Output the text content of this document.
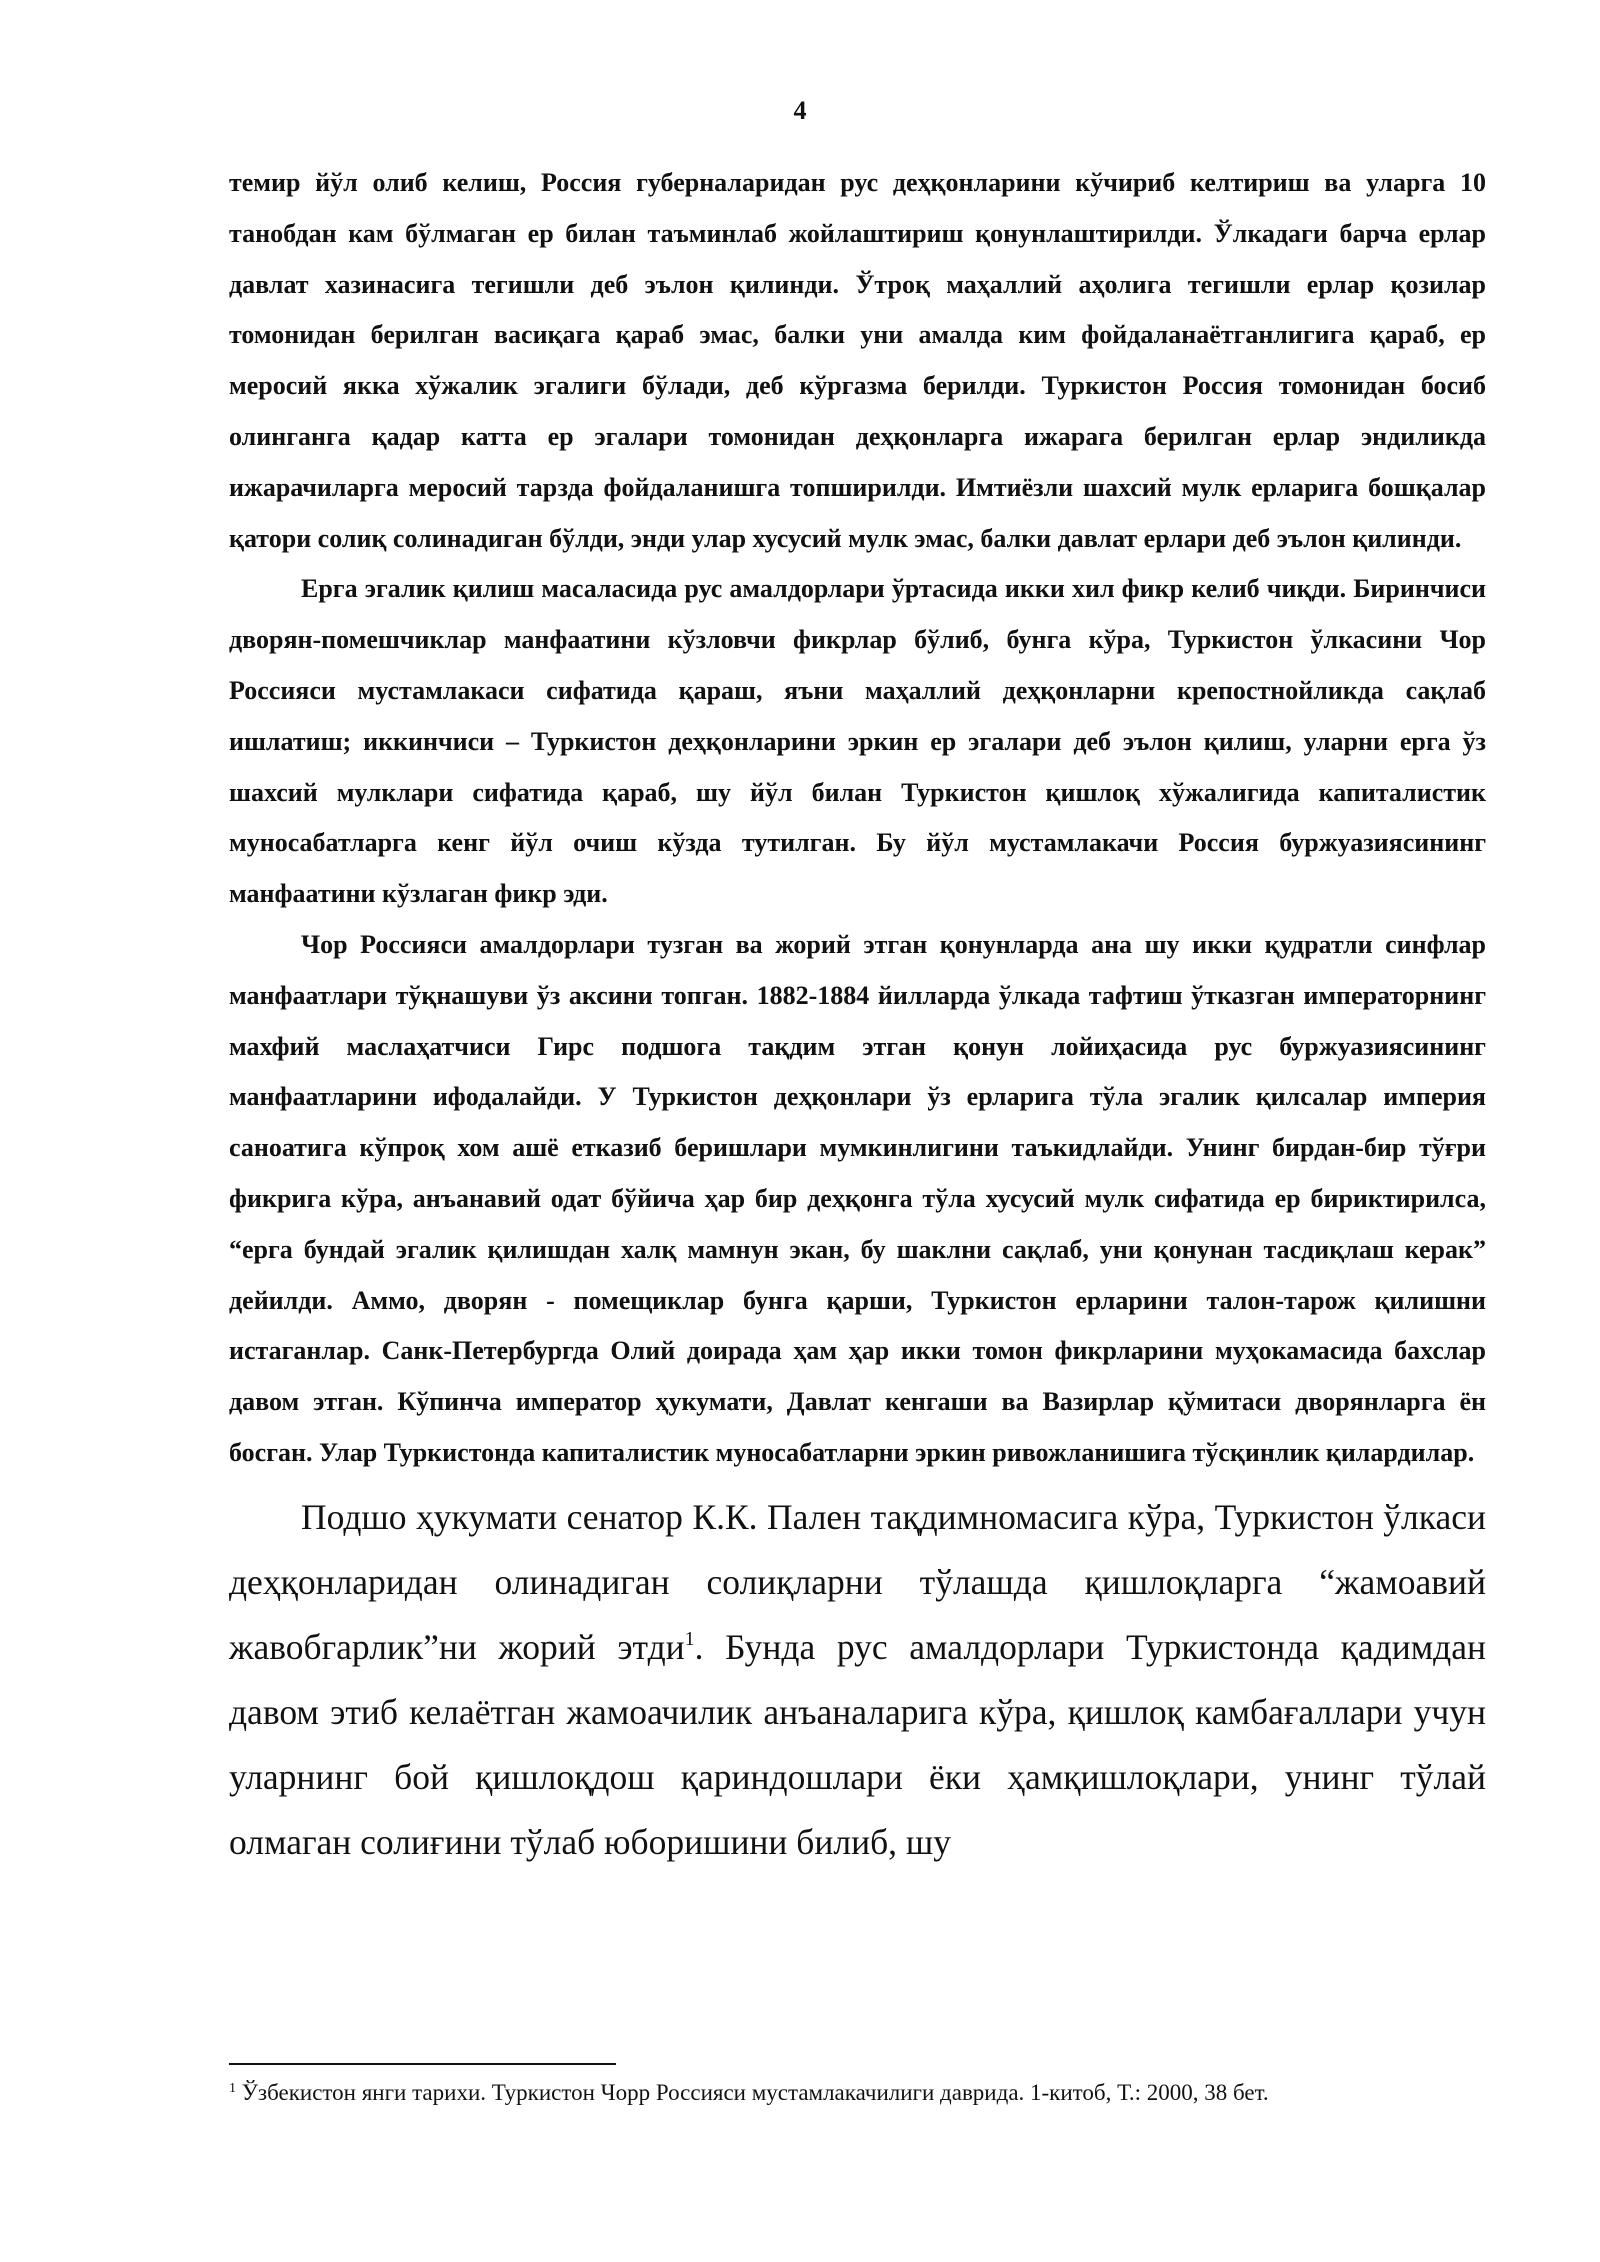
4

темир йўл олиб келиш, Россия губерналаридан рус деҳқонларини кўчириб келтириш ва уларга 10 танобдан кам бўлмаган ер билан таъминлаб жойлаштириш қонунлаштирилди. Ўлкадаги барча ерлар давлат хазинасига тегишли деб эълон қилинди. Ўтроқ маҳаллий аҳолига тегишли ерлар қозилар томонидан берилган васиқага қараб эмас, балки уни амалда ким фойдаланаётганлигига қараб, ер меросий якка хўжалик эгалиги бўлади, деб кўргазма берилди. Туркистон Россия томонидан босиб олинганга қадар катта ер эгалари томонидан деҳқонларга ижарага берилган ерлар эндиликда ижарачиларга меросий тарзда фойдаланишга топширилди. Имтиёзли шахсий мулк ерларига бошқалар қатори солиқ солинадиган бўлди, энди улар хусусий мулк эмас, балки давлат ерлари деб эълон қилинди.

Ерга эгалик қилиш масаласида рус амалдорлари ўртасида икки хил фикр келиб чиқди. Биринчиси дворян-помешчиклар манфаатини кўзловчи фикрлар бўлиб, бунга кўра, Туркистон ўлкасини Чор Россияси мустамлакаси сифатида қараш, яъни маҳаллий деҳқонларни крепостнойликда сақлаб ишлатиш; иккинчиси – Туркистон деҳқонларини эркин ер эгалари деб эълон қилиш, уларни ерга ўз шахсий мулклари сифатида қараб, шу йўл билан Туркистон қишлоқ хўжалигида капиталистик муносабатларга кенг йўл очиш кўзда тутилган. Бу йўл мустамлакачи Россия буржуазиясининг манфаатини кўзлаган фикр эди.

Чор Россияси амалдорлари тузган ва жорий этган қонунларда ана шу икки қудратли синфлар манфаатлари тўқнашуви ўз аксини топган. 1882-1884 йилларда ўлкада тафтиш ўтказган императорнинг махфий маслаҳатчиси Гирс подшога тақдим этган қонун лойиҳасида рус буржуазиясининг манфаатларини ифодалайди. У Туркистон деҳқонлари ўз ерларига тўла эгалик қилсалар империя саноатига кўпроқ хом ашё етказиб беришлари мумкинлигини таъкидлайди. Унинг бирдан-бир тўғри фикрига кўра, анъанавий одат бўйича ҳар бир деҳқонга тўла хусусий мулк сифатида ер бириктирилса, “ерга бундай эгалик қилишдан халқ мамнун экан, бу шаклни сақлаб, уни қонунан тасдиқлаш керак” дейилди. Аммо, дворян - помещиклар бунга қарши, Туркистон ерларини талон-тарож қилишни истаганлар. Санк-Петербургда Олий доирада ҳам ҳар икки томон фикрларини муҳокамасида бахслар давом этган. Кўпинча император ҳукумати, Давлат кенгаши ва Вазирлар қўмитаси дворянларга ён босган. Улар Туркистонда капиталистик муносабатларни эркин ривожланишига тўсқинлик қилардилар.

Подшо ҳукумати сенатор К.К. Пален тақдимномасига кўра, Туркистон ўлкаси деҳқонларидан олинадиган солиқларни тўлашда қишлоқларга “жамоавий жавобгарлик”ни жорий этди$^1$. Бунда рус амалдорлари Туркистонда қадимдан давом этиб келаётган жамоачилик анъаналарига кўра, қишлоқ камбағаллари учун уларнинг бой қишлоқдош қариндошлари ёки ҳамқишлоқлари, унинг тўлай олмаган солиғини тўлаб юборишини билиб, шу

$^1$ Ўзбекистон янги тарихи. Туркистон Чорр Россияси мустамлакачилиги даврида. 1-китоб, Т.: 2000, 38 бет.
